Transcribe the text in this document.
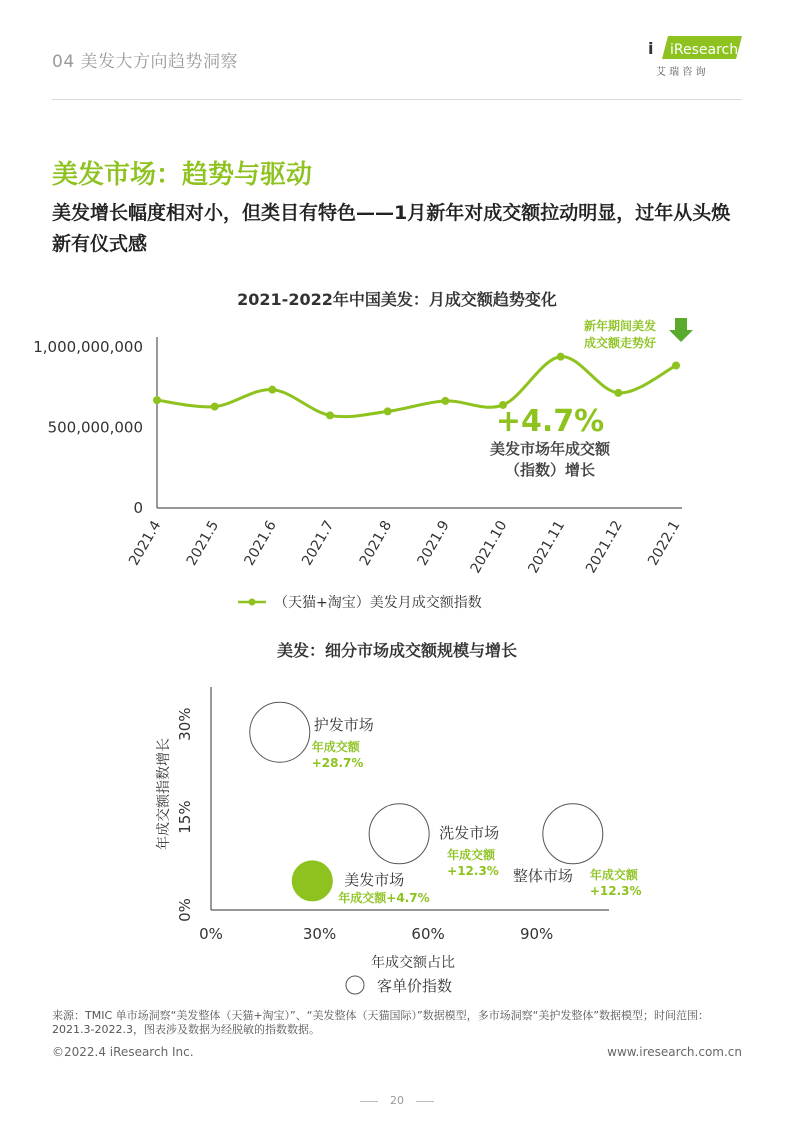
04 美发大方向趋势洞察
i iResearch
艾 瑞 咨 询
美发市场：趋势与驱动
美发增长幅度相对小，但类目有特色——1月新年对成交额拉动明显，过年从头焕新有仪式感
2021-2022年中国美发：月成交额趋势变化
0
500,000,000
1,000,000,000
2021.4 2021.5 2021.6 2021.7 2021.8 2021.9 2021.10 2021.11 2021.12 2022.1
+4.7%
美发市场年成交额
（指数）增长
新年期间美发
成交额走势好
（天猫+淘宝）美发月成交额指数
美发：细分市场成交额规模与增长
0%	30%	60%	90%
0%
15%
30%	护发市场
年成交额
+28.7%
洗发市场
年成交额
+12.3%
美发市场
年成交额+4.7%
整体市场 年成交额
+12.3%
年成交额占比
年成交额指数增长
客单价指数
来源：TMIC 单市场洞察“美发整体（天猫+淘宝）”、“美发整体（天猫国际）”数据模型，多市场洞察“美护发整体”数据模型；时间范围：2021.3-2022.3，图表涉及数据为经脱敏的指数数据。
©2022.4 iResearch Inc.	www.iresearch.com.cn
20
